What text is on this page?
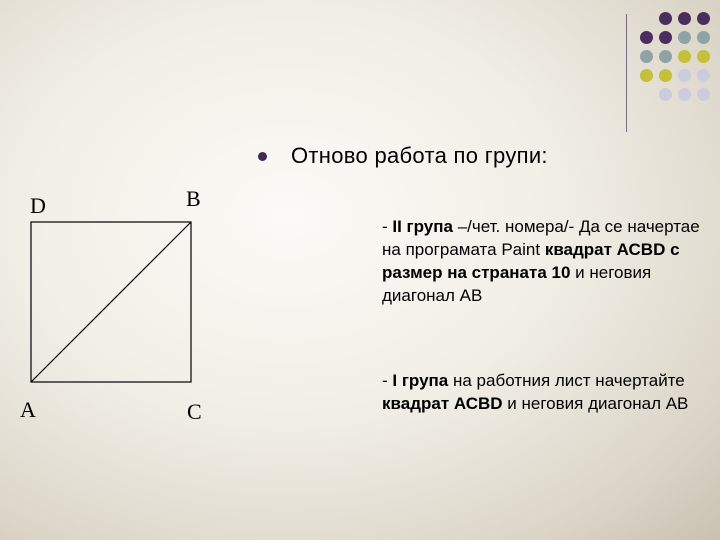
Отново работа по групи:
D	B
A	C
- II група –/чет. номера/- Да се начертае на програмата Paint квадрат АСВD с размер на страната 10 и неговия диагонал АВ
- I група на работния лист начертайте квадрат АСВD и неговия диагонал АВ
